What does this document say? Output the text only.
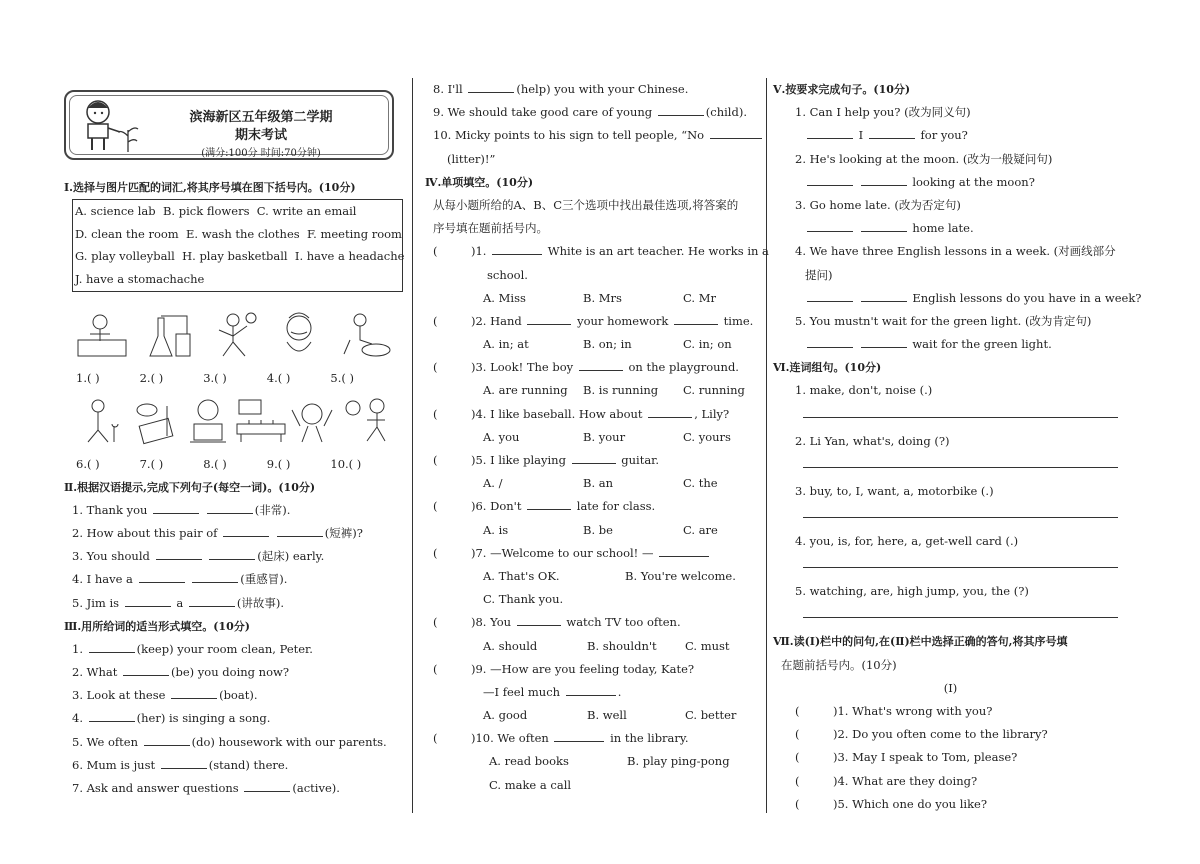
滨海新区五年级第二学期
期末考试
(满分:100分 时间:70分钟)
Ⅰ.选择与图片匹配的词汇,将其序号填在图下括号内。(10分)
A. science lab B. pick flowers C. write an email
D. clean the room E. wash the clothes F. meeting room
G. play volleyball H. play basketball I. have a headache
J. have a stomachache
1.( )	2.( )	3.( )	4.( )	5.( )
6.( )	7.( )	8.( )	9.( )	10.( )
Ⅱ.根据汉语提示,完成下列句子(每空一词)。(10分)
1. Thank you	(非常).
2. How about this pair of	(短裤)?
3. You should	(起床) early.
4. I have a	(重感冒).
5. Jim is	a	(讲故事).
Ⅲ.用所给词的适当形式填空。(10分)
1.	(keep) your room clean, Peter.
2. What	(be) you doing now?
3. Look at these	(boat).
4.	(her) is singing a song.
5. We often	(do) housework with our parents.
6. Mum is just	(stand) there.
7. Ask and answer questions	(active).
8. I'll	(help) you with your Chinese.
9. We should take good care of young	(child).
10. Micky points to his sign to tell people, “No
(litter)!”
Ⅳ.单项填空。(10分)
从每小题所给的A、B、C三个选项中找出最佳选项,将答案的
序号填在题前括号内。
(	)1.	White is an art teacher. He works in a
school.
A. Miss	B. Mrs	C. Mr
(	)2. Hand	your homework	time.
A. in; at	B. on; in	C. in; on
(	)3. Look! The boy	on the playground.
A. are running	B. is running	C. running
(	)4. I like baseball. How about	, Lily?
A. you	B. your	C. yours
(	)5. I like playing	guitar.
A. /	B. an	C. the
(	)6. Don't	late for class.
A. is	B. be	C. are
(	)7. —Welcome to our school! —
A. That's OK.	B. You're welcome.
C. Thank you.
(	)8. You	watch TV too often.
A. should	B. shouldn't	C. must
(	)9. —How are you feeling today, Kate?
—I feel much	.
A. good	B. well	C. better
(	)10. We often	in the library.
A. read books	B. play ping-pong
C. make a call
Ⅴ.按要求完成句子。(10分)
1. Can I help you? (改为同义句)
I	for you?
2. He's looking at the moon. (改为一般疑问句)
looking at the moon?
3. Go home late. (改为否定句)
home late.
4. We have three English lessons in a week. (对画线部分
提问)
English lessons do you have in a week?
5. You mustn't wait for the green light. (改为肯定句)
wait for the green light.
Ⅵ.连词组句。(10分)
1. make, don't, noise (.)
2. Li Yan, what's, doing (?)
3. buy, to, I, want, a, motorbike (.)
4. you, is, for, here, a, get-well card (.)
5. watching, are, high jump, you, the (?)
Ⅶ.读(Ⅰ)栏中的问句,在(Ⅱ)栏中选择正确的答句,将其序号填
在题前括号内。(10分)
(Ⅰ)
(	)1. What's wrong with you?
(	)2. Do you often come to the library?
(	)3. May I speak to Tom, please?
(	)4. What are they doing?
(	)5. Which one do you like?
